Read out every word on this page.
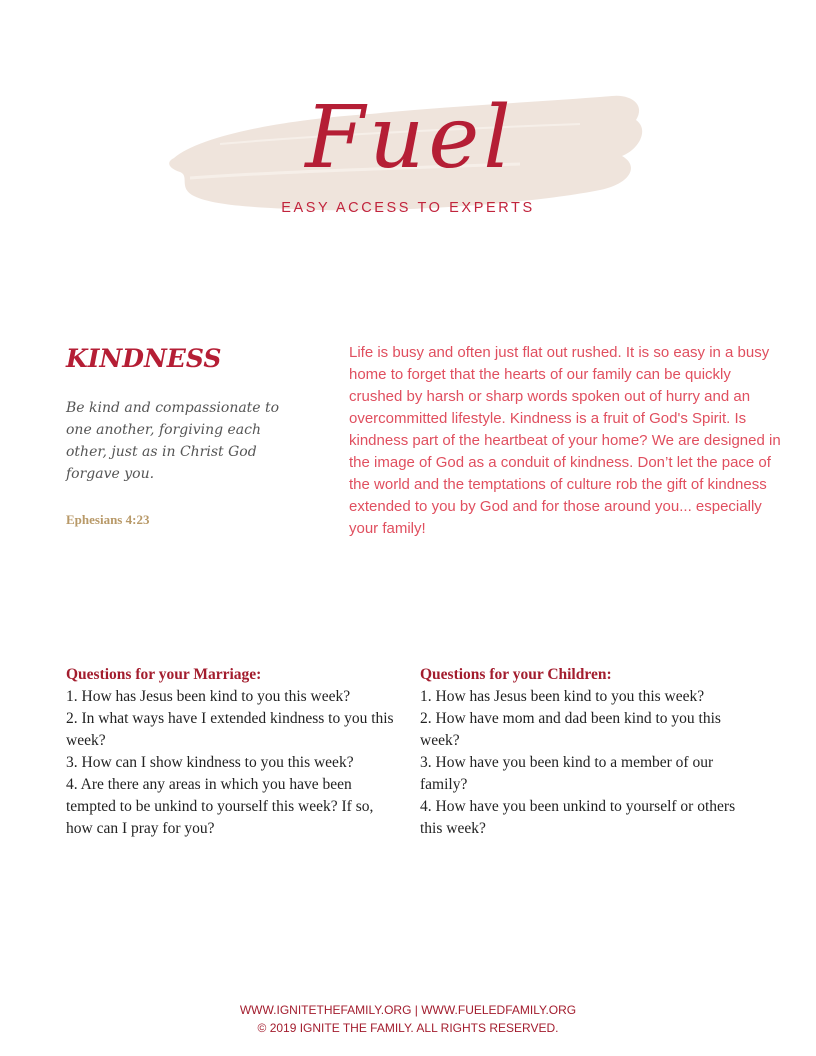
Fuel
EASY ACCESS TO EXPERTS
KINDNESS

Be kind and compassionate to one another, forgiving each other, just as in Christ God forgave you.

Ephesians 4:23

Life is busy and often just flat out rushed. It is so easy in a busy home to forget that the hearts of our family can be quickly crushed by harsh or sharp words spoken out of hurry and an overcommitted lifestyle. Kindness is a fruit of God's Spirit. Is kindness part of the heartbeat of your home? We are designed in the image of God as a conduit of kindness. Don’t let the pace of the world and the temptations of culture rob the gift of kindness extended to you by God and for those around you... especially your family!

Questions for your Marriage:
1. How has Jesus been kind to you this week?
2. In what ways have I extended kindness to you this week?
3. How can I show kindness to you this week?
4. Are there any areas in which you have been tempted to be unkind to yourself this week? If so, how can I pray for you?
Questions for your Children:
1. How has Jesus been kind to you this week?
2. How have mom and dad been kind to you this week?
3. How have you been kind to a member of our family?
4. How have you been unkind to yourself or others this week?
WWW.IGNITETHEFAMILY.ORG | WWW.FUELEDFAMILY.ORG
© 2019 IGNITE THE FAMILY. ALL RIGHTS RESERVED.
